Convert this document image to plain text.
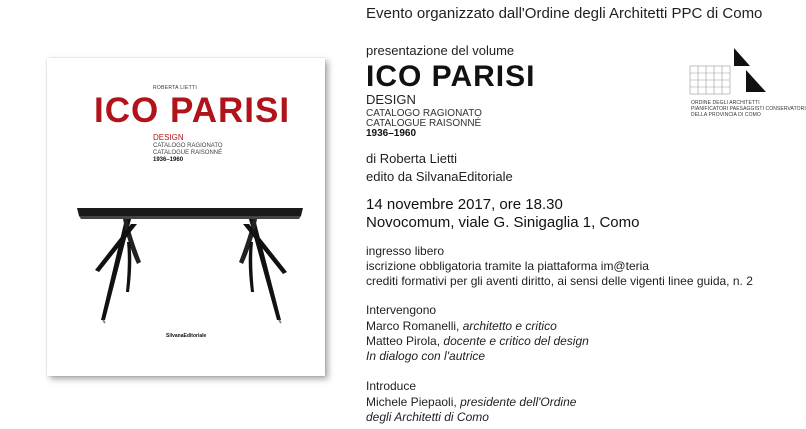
ROBERTA LIETTI
ICO PARISI
DESIGN
CATALOGO RAGIONATO
CATALOGUE RAISONNÉ
1936–1960
SilvanaEditoriale
Evento organizzato dall'Ordine degli Architetti PPC di Como
presentazione del volume
ICO PARISI
DESIGN
CATALOGO RAGIONATO
CATALOGUE RAISONNÉ
1936–1960
di Roberta Lietti
edito da SilvanaEditoriale
14 novembre 2017, ore 18.30
Novocomum, viale G. Sinigaglia 1, Como
ingresso libero
iscrizione obbligatoria tramite la piattaforma im@teria
crediti formativi per gli aventi diritto, ai sensi delle vigenti linee guida, n. 2
Intervengono
Marco Romanelli, architetto e critico
Matteo Pirola, docente e critico del design
In dialogo con l'autrice
Introduce
Michele Piepaoli, presidente dell'Ordine
degli Architetti di Como
ORDINE DEGLI ARCHITETTI
PIANIFICATORI PAESAGGISTI CONSERVATORI
DELLA PROVINCIA DI COMO
